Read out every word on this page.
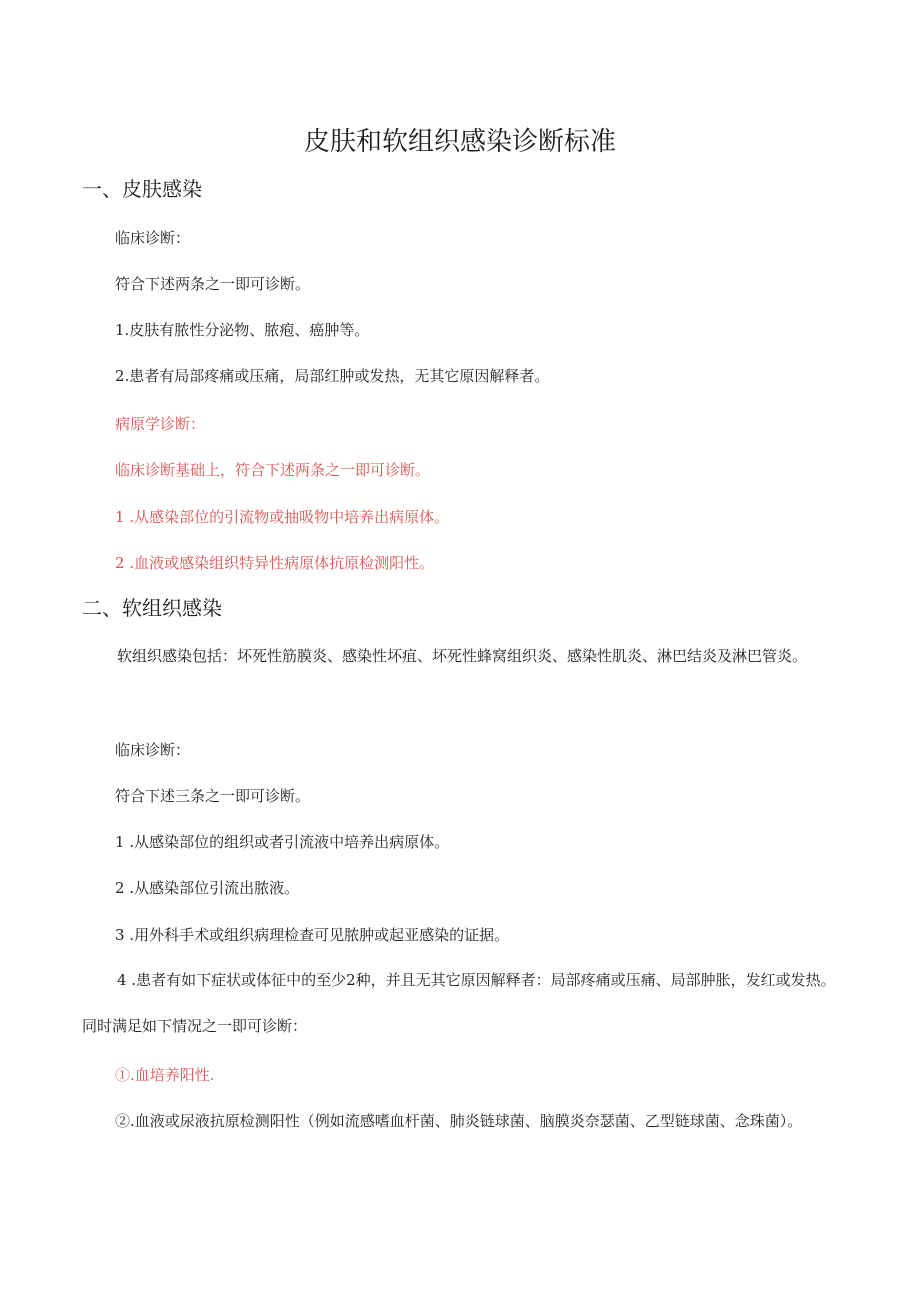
皮肤和软组织感染诊断标准
一、皮肤感染
临床诊断：
符合下述两条之一即可诊断。
1.皮肤有脓性分泌物、脓疱、癌肿等。
2.患者有局部疼痛或压痛，局部红肿或发热，无其它原因解释者。
病原学诊断：
临床诊断基础上，符合下述两条之一即可诊断。
1 .从感染部位的引流物或抽吸物中培养出病原体。
2 .血液或感染组织特异性病原体抗原检测阳性。
二、软组织感染
软组织感染包括：坏死性筋膜炎、感染性坏疽、坏死性蜂窝组织炎、感染性肌炎、淋巴结炎及淋巴管炎。
临床诊断：
符合下述三条之一即可诊断。
1 .从感染部位的组织或者引流液中培养出病原体。
2 .从感染部位引流出脓液。
3 .用外科手术或组织病理检查可见脓肿或起亚感染的证据。
4 .患者有如下症状或体征中的至少2种，并且无其它原因解释者：局部疼痛或压痛、局部肿胀，发红或发热。同时满足如下情况之一即可诊断：
①.血培养阳性.
②.血液或尿液抗原检测阳性（例如流感嗜血杆菌、肺炎链球菌、脑膜炎奈瑟菌、乙型链球菌、念珠菌）。
